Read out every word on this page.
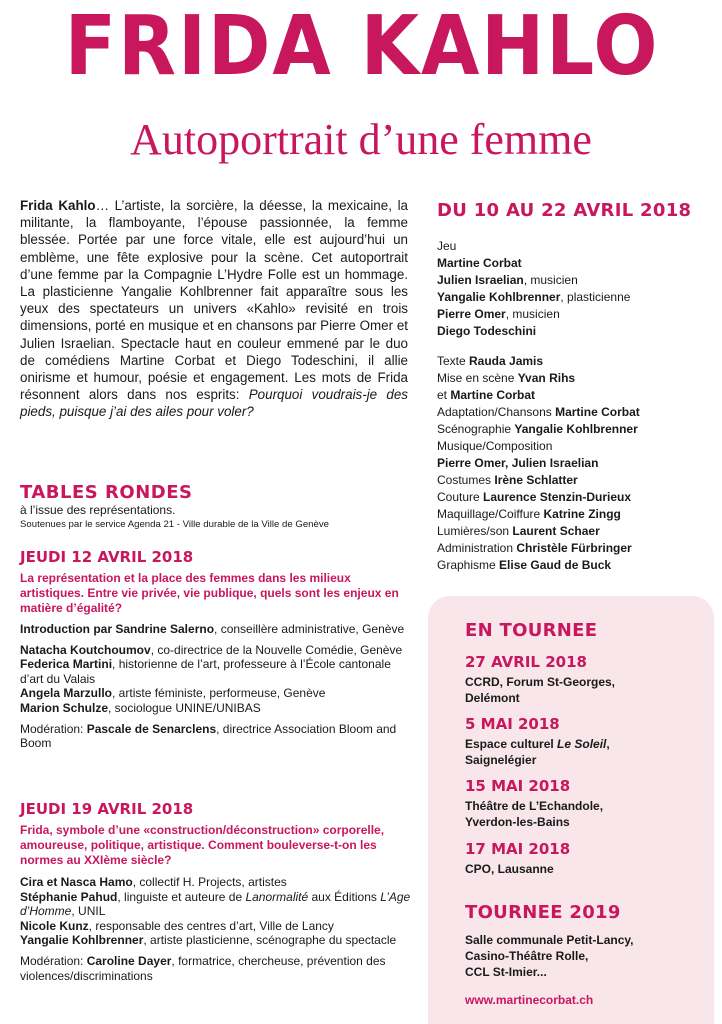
FRIDA KAHLO
Autoportrait d’une femme
Frida Kahlo… L’artiste, la sorcière, la déesse, la mexicaine, la militante, la flamboyante, l’épouse passionnée, la femme blessée. Portée par une force vitale, elle est aujourd’hui un emblème, une fête explosive pour la scène. Cet autoportrait d’une femme par la Compagnie L’Hydre Folle est un hommage. La plasticienne Yangalie Kohlbrenner fait apparaître sous les yeux des spectateurs un univers «Kahlo» revisité en trois dimensions, porté en musique et en chansons par Pierre Omer et Julien Israelian. Spectacle haut en couleur emmené par le duo de comédiens Martine Corbat et Diego Todeschini, il allie onirisme et humour, poésie et engagement. Les mots de Frida résonnent alors dans nos esprits: Pourquoi voudrais-je des pieds, puisque j’ai des ailes pour voler?
TABLES RONDES
à l’issue des représentations.
Soutenues par le service Agenda 21 - Ville durable de la Ville de Genève
JEUDI 12 AVRIL 2018
La représentation et la place des femmes dans les milieux artistiques. Entre vie privée, vie publique, quels sont les enjeux en matière d’égalité?

Introduction par Sandrine Salerno, conseillère administrative, Genève

Natacha Koutchoumov, co-directrice de la Nouvelle Comédie, Genève

Federica Martini, historienne de l’art, professeure à l’École cantonale d’art du Valais

Angela Marzullo, artiste féministe, performeuse, Genève

Marion Schulze, sociologue UNINE/UNIBAS

Modération: Pascale de Senarclens, directrice Association Bloom and Boom

JEUDI 19 AVRIL 2018
Frida, symbole d’une «construction/déconstruction» corporelle, amoureuse, politique, artistique. Comment bouleverse-t-on les normes au XXIème siècle?

Cira et Nasca Hamo, collectif H. Projects, artistes

Stéphanie Pahud, linguiste et auteure de Lanormalité aux Éditions L’Age d’Homme, UNIL

Nicole Kunz, responsable des centres d’art, Ville de Lancy

Yangalie Kohlbrenner, artiste plasticienne, scénographe du spectacle

Modération: Caroline Dayer, formatrice, chercheuse, prévention des violences/discriminations

DU 10 AU 22 AVRIL 2018
Jeu
Martine Corbat
Julien Israelian, musicien
Yangalie Kohlbrenner, plasticienne
Pierre Omer, musicien
Diego Todeschini
Texte Rauda Jamis
Mise en scène Yvan Rihs
et Martine Corbat
Adaptation/Chansons Martine Corbat
Scénographie Yangalie Kohlbrenner
Musique/Composition
Pierre Omer, Julien Israelian
Costumes Irène Schlatter
Couture Laurence Stenzin-Durieux
Maquillage/Coiffure Katrine Zingg
Lumières/son Laurent Schaer
Administration Christèle Fürbringer
Graphisme Elise Gaud de Buck
EN TOURNEE
27 AVRIL 2018
CCRD, Forum St-Georges,
Delémont
5 MAI 2018
Espace culturel Le Soleil,
Saignelégier
15 MAI 2018
Théâtre de L’Echandole,
Yverdon-les-Bains
17 MAI 2018
CPO, Lausanne
TOURNEE 2019
Salle communale Petit-Lancy,
Casino-Théâtre Rolle,
CCL St-Imier...
www.martinecorbat.ch
